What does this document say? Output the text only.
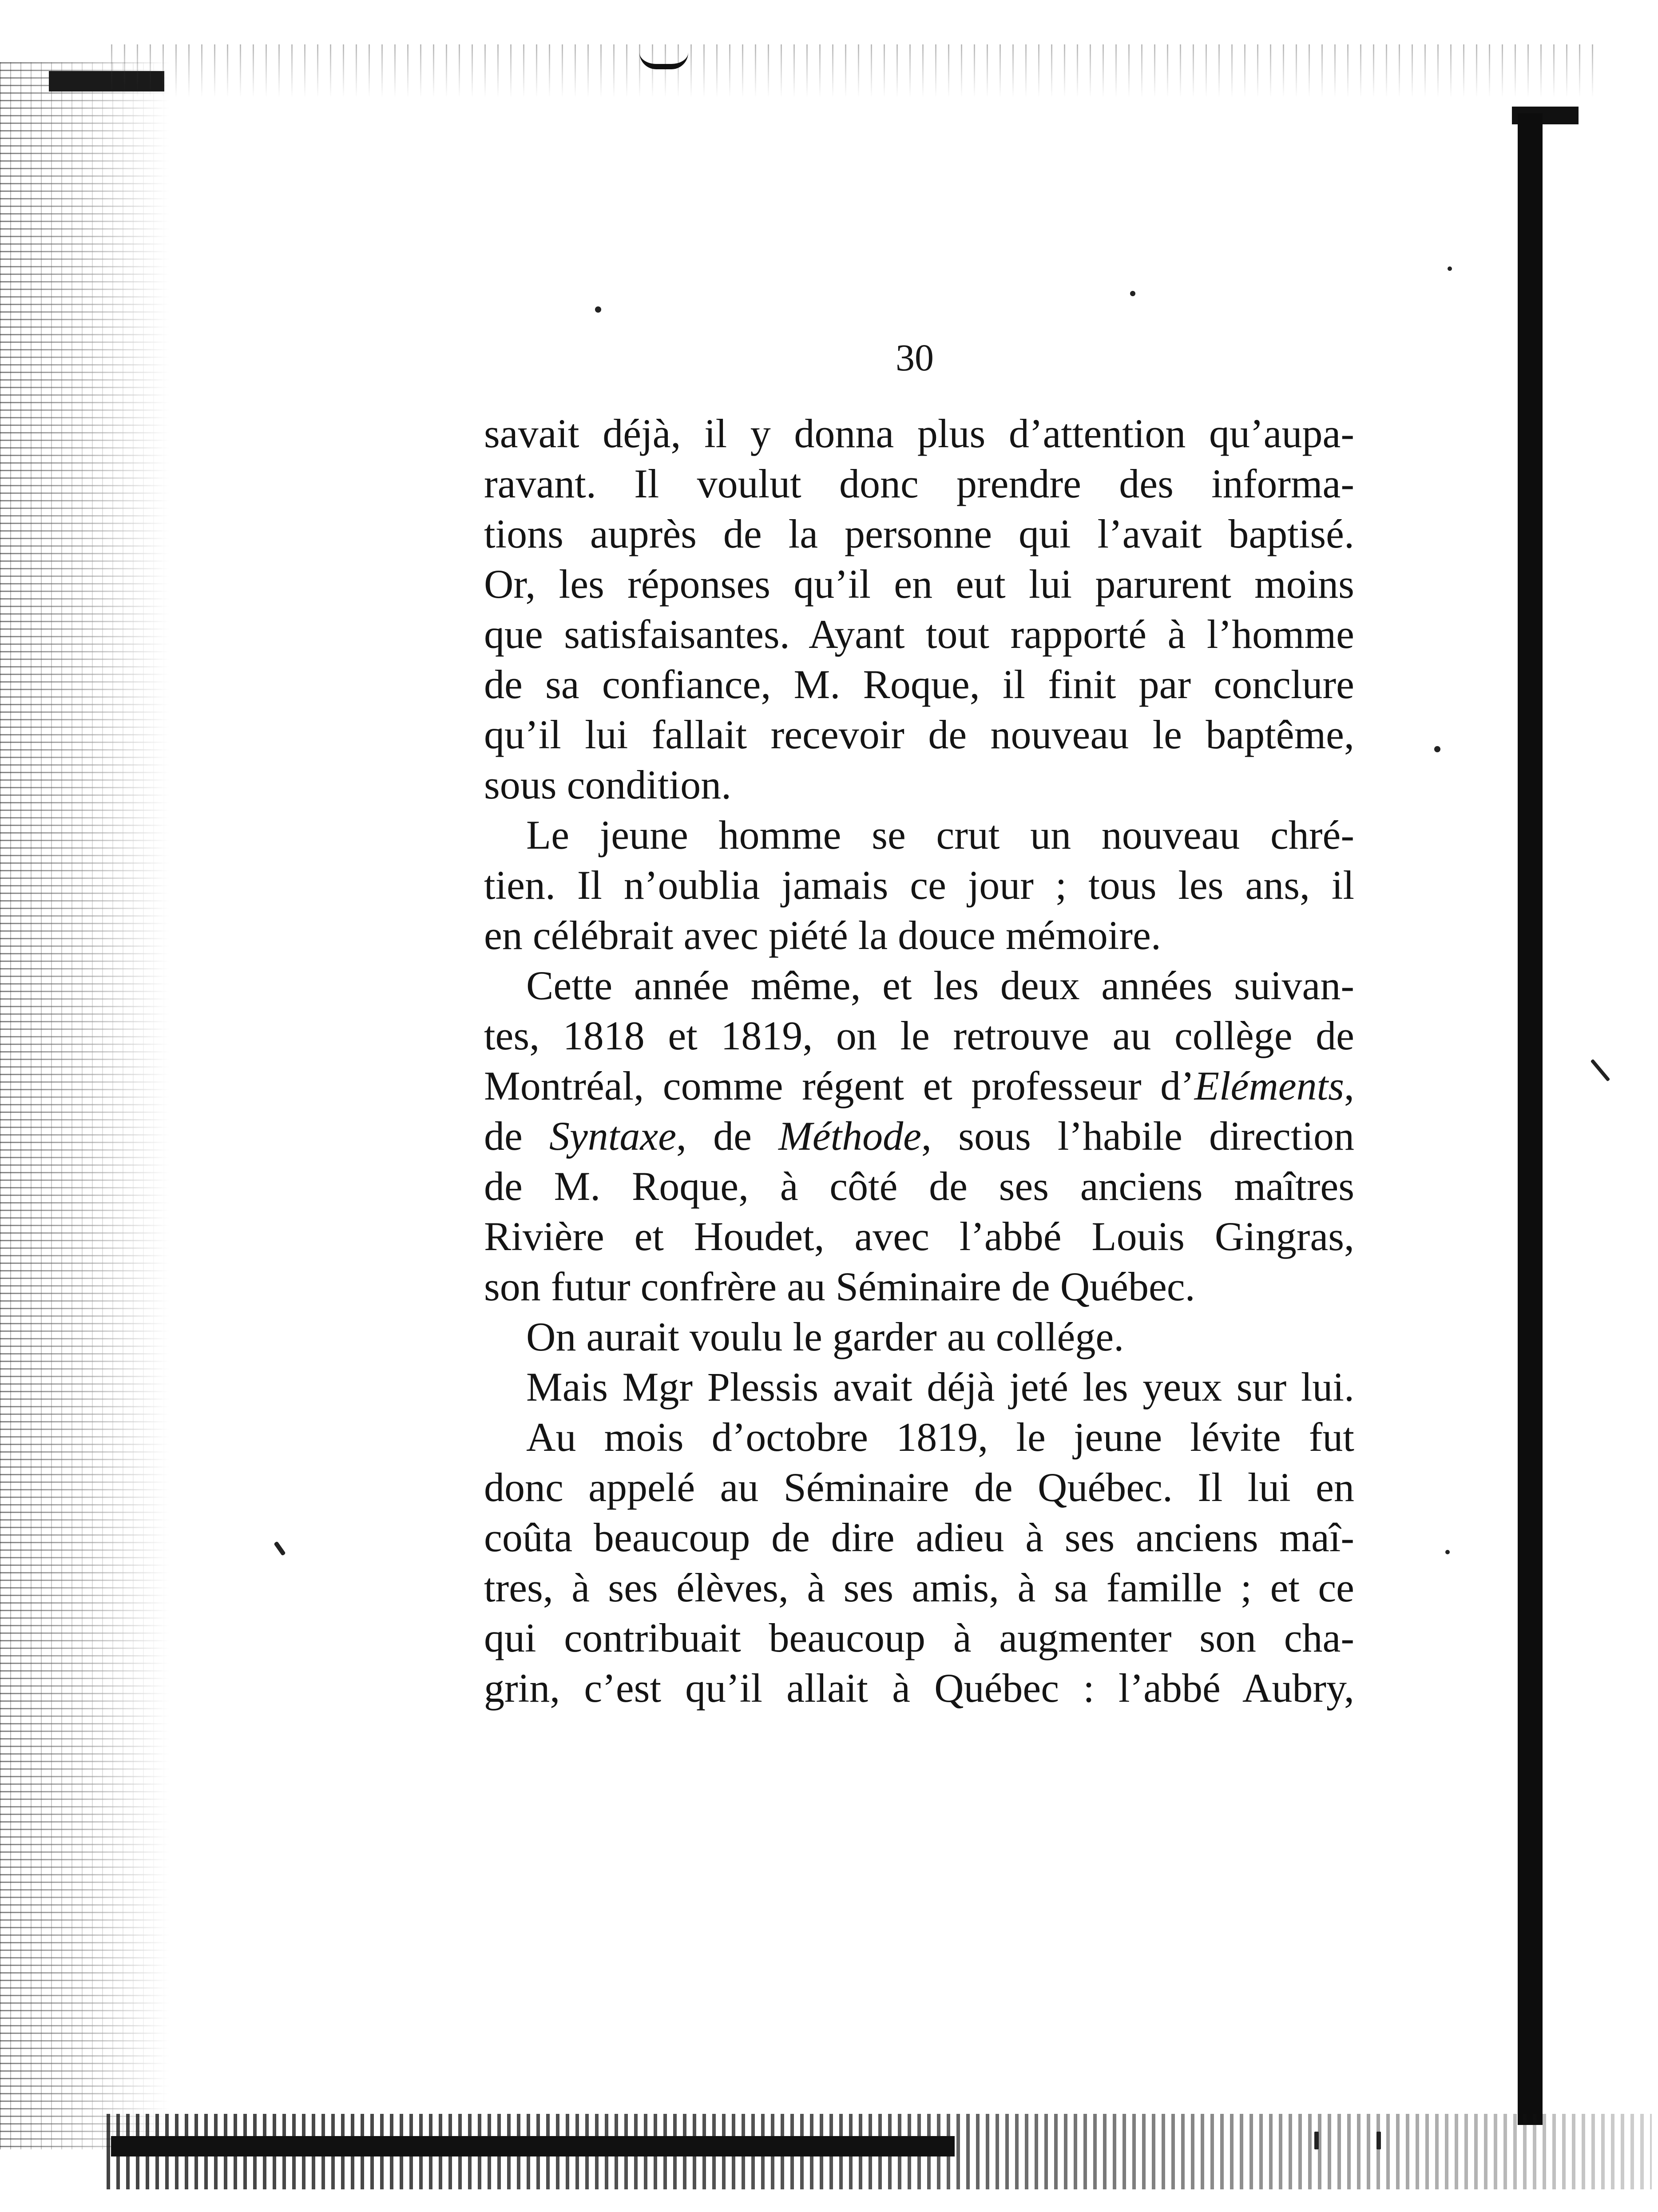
30
savait déjà, il y donna plus d’attention qu’aupa-
ravant. Il voulut donc prendre des informa-
tions auprès de la personne qui l’avait baptisé.
Or, les réponses qu’il en eut lui parurent moins
que satisfaisantes. Ayant tout rapporté à l’homme
de sa confiance, M. Roque, il finit par conclure
qu’il lui fallait recevoir de nouveau le baptême,
sous condition.
Le jeune homme se crut un nouveau chré-
tien. Il n’oublia jamais ce jour ; tous les ans, il
en célébrait avec piété la douce mémoire.
Cette année même, et les deux années suivan-
tes, 1818 et 1819, on le retrouve au collège de
Montréal, comme régent et professeur d’Eléments,
de Syntaxe, de Méthode, sous l’habile direction
de M. Roque, à côté de ses anciens maîtres
Rivière et Houdet, avec l’abbé Louis Gingras,
son futur confrère au Séminaire de Québec.
On aurait voulu le garder au collége.
Mais Mgr Plessis avait déjà jeté les yeux sur lui.
Au mois d’octobre 1819, le jeune lévite fut
donc appelé au Séminaire de Québec. Il lui en
coûta beaucoup de dire adieu à ses anciens maî-
tres, à ses élèves, à ses amis, à sa famille ; et ce
qui contribuait beaucoup à augmenter son cha-
grin, c’est qu’il allait à Québec : l’abbé Aubry,
